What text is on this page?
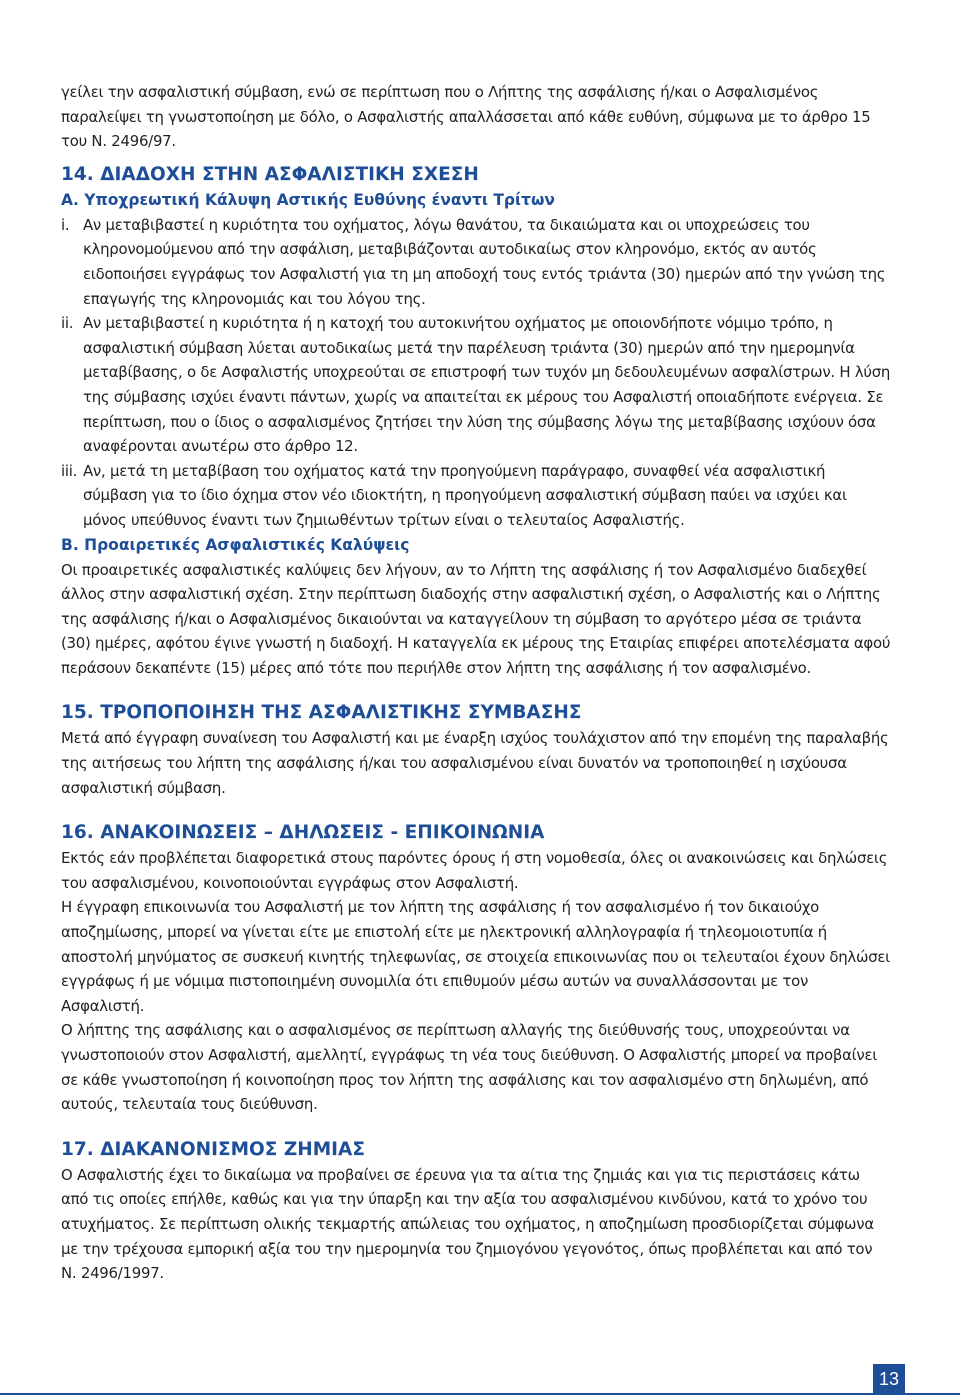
γείλει την ασφαλιστική σύμβαση, ενώ σε περίπτωση που ο Λήπτης της ασφάλισης ή/και ο Ασφαλισμένος παραλείψει τη γνωστοποίηση με δόλο, ο Ασφαλιστής απαλλάσσεται από κάθε ευθύνη, σύμφωνα με το άρθρο 15 του Ν. 2496/97.

14. ΔΙΑΔΟΧΗ ΣΤΗΝ ΑΣΦΑΛΙΣΤΙΚΗ ΣΧΕΣΗ
Α. Υποχρεωτική Κάλυψη Αστικής Ευθύνης έναντι Τρίτων

i. Αν μεταβιβαστεί η κυριότητα του οχήματος, λόγω θανάτου, τα δικαιώματα και οι υποχρεώσεις του κληρονομούμενου από την ασφάλιση, μεταβιβάζονται αυτοδικαίως στον κληρονόμο, εκτός αν αυτός ειδοποιήσει εγγράφως τον Ασφαλιστή για τη μη αποδοχή τους εντός τριάντα (30) ημερών από την γνώση της επαγωγής της κληρονομιάς και του λόγου της.

ii. Αν μεταβιβαστεί η κυριότητα ή η κατοχή του αυτοκινήτου οχήματος με οποιονδήποτε νόμιμο τρόπο, η ασφαλιστική σύμβαση λύεται αυτοδικαίως μετά την παρέλευση τριάντα (30) ημερών από την ημερομηνία μεταβίβασης, ο δε Ασφαλιστής υποχρεούται σε επιστροφή των τυχόν μη δεδουλευμένων ασφαλίστρων. Η λύση της σύμβασης ισχύει έναντι πάντων, χωρίς να απαιτείται εκ μέρους του Ασφαλιστή οποιαδήποτε ενέργεια. Σε περίπτωση, που ο ίδιος ο ασφαλισμένος ζητήσει την λύση της σύμβασης λόγω της μεταβίβασης ισχύουν όσα αναφέρονται ανωτέρω στο άρθρο 12.

iii. Αν, μετά τη μεταβίβαση του οχήματος κατά την προηγούμενη παράγραφο, συναφθεί νέα ασφαλιστική σύμβαση για το ίδιο όχημα στον νέο ιδιοκτήτη, η προηγούμενη ασφαλιστική σύμβαση παύει να ισχύει και μόνος υπεύθυνος έναντι των ζημιωθέντων τρίτων είναι ο τελευταίος Ασφαλιστής.

Β. Προαιρετικές Ασφαλιστικές Καλύψεις

Οι προαιρετικές ασφαλιστικές καλύψεις δεν λήγουν, αν το Λήπτη της ασφάλισης ή τον Ασφαλισμένο διαδεχθεί άλλος στην ασφαλιστική σχέση. Στην περίπτωση διαδοχής στην ασφαλιστική σχέση, ο Ασφαλιστής και ο Λήπτης της ασφάλισης ή/και ο Ασφαλισμένος δικαιούνται να καταγγείλουν τη σύμβαση το αργότερο μέσα σε τριάντα (30) ημέρες, αφότου έγινε γνωστή η διαδοχή. Η καταγγελία εκ μέρους της Εταιρίας επιφέρει αποτελέσματα αφού περάσουν δεκαπέντε (15) μέρες από τότε που περιήλθε στον λήπτη της ασφάλισης ή τον ασφαλισμένο.

15. ΤΡΟΠΟΠΟΙΗΣΗ ΤΗΣ ΑΣΦΑΛΙΣΤΙΚΗΣ ΣΥΜΒΑΣΗΣ

Μετά από έγγραφη συναίνεση του Ασφαλιστή και με έναρξη ισχύος τουλάχιστον από την επομένη της παραλαβής της αιτήσεως του λήπτη της ασφάλισης ή/και του ασφαλισμένου είναι δυνατόν να τροποποιηθεί η ισχύουσα ασφαλιστική σύμβαση.

16. ΑΝΑΚΟΙΝΩΣΕΙΣ – ΔΗΛΩΣΕΙΣ - ΕΠΙΚΟΙΝΩΝΙΑ

Εκτός εάν προβλέπεται διαφορετικά στους παρόντες όρους ή στη νομοθεσία, όλες οι ανακοινώσεις και δηλώσεις του ασφαλισμένου, κοινοποιούνται εγγράφως στον Ασφαλιστή.

Η έγγραφη επικοινωνία του Ασφαλιστή με τον λήπτη της ασφάλισης ή τον ασφαλισμένο ή τον δικαιούχο αποζημίωσης, μπορεί να γίνεται είτε με επιστολή είτε με ηλεκτρονική αλληλογραφία ή τηλεομοιοτυπία ή αποστολή μηνύματος σε συσκευή κινητής τηλεφωνίας, σε στοιχεία επικοινωνίας που οι τελευταίοι έχουν δηλώσει εγγράφως ή με νόμιμα πιστοποιημένη συνομιλία ότι επιθυμούν μέσω αυτών να συναλλάσσονται με τον Ασφαλιστή.

Ο λήπτης της ασφάλισης και ο ασφαλισμένος σε περίπτωση αλλαγής της διεύθυνσής τους, υποχρεούνται να γνωστοποιούν στον Ασφαλιστή, αμελλητί, εγγράφως τη νέα τους διεύθυνση. Ο Ασφαλιστής μπορεί να προβαίνει σε κάθε γνωστοποίηση ή κοινοποίηση προς τον λήπτη της ασφάλισης και τον ασφαλισμένο στη δηλωμένη, από αυτούς, τελευταία τους διεύθυνση.

17. ΔΙΑΚΑΝΟΝΙΣΜΟΣ ΖΗΜΙΑΣ

Ο Ασφαλιστής έχει το δικαίωμα να προβαίνει σε έρευνα για τα αίτια της ζημιάς και για τις περιστάσεις κάτω από τις οποίες επήλθε, καθώς και για την ύπαρξη και την αξία του ασφαλισμένου κινδύνου, κατά το χρόνο του ατυχήματος. Σε περίπτωση ολικής τεκμαρτής απώλειας του οχήματος, η αποζημίωση προσδιορίζεται σύμφωνα με την τρέχουσα εμπορική αξία του την ημερομηνία του ζημιογόνου γεγονότος, όπως προβλέπεται και από τον Ν. 2496/1997.

13
